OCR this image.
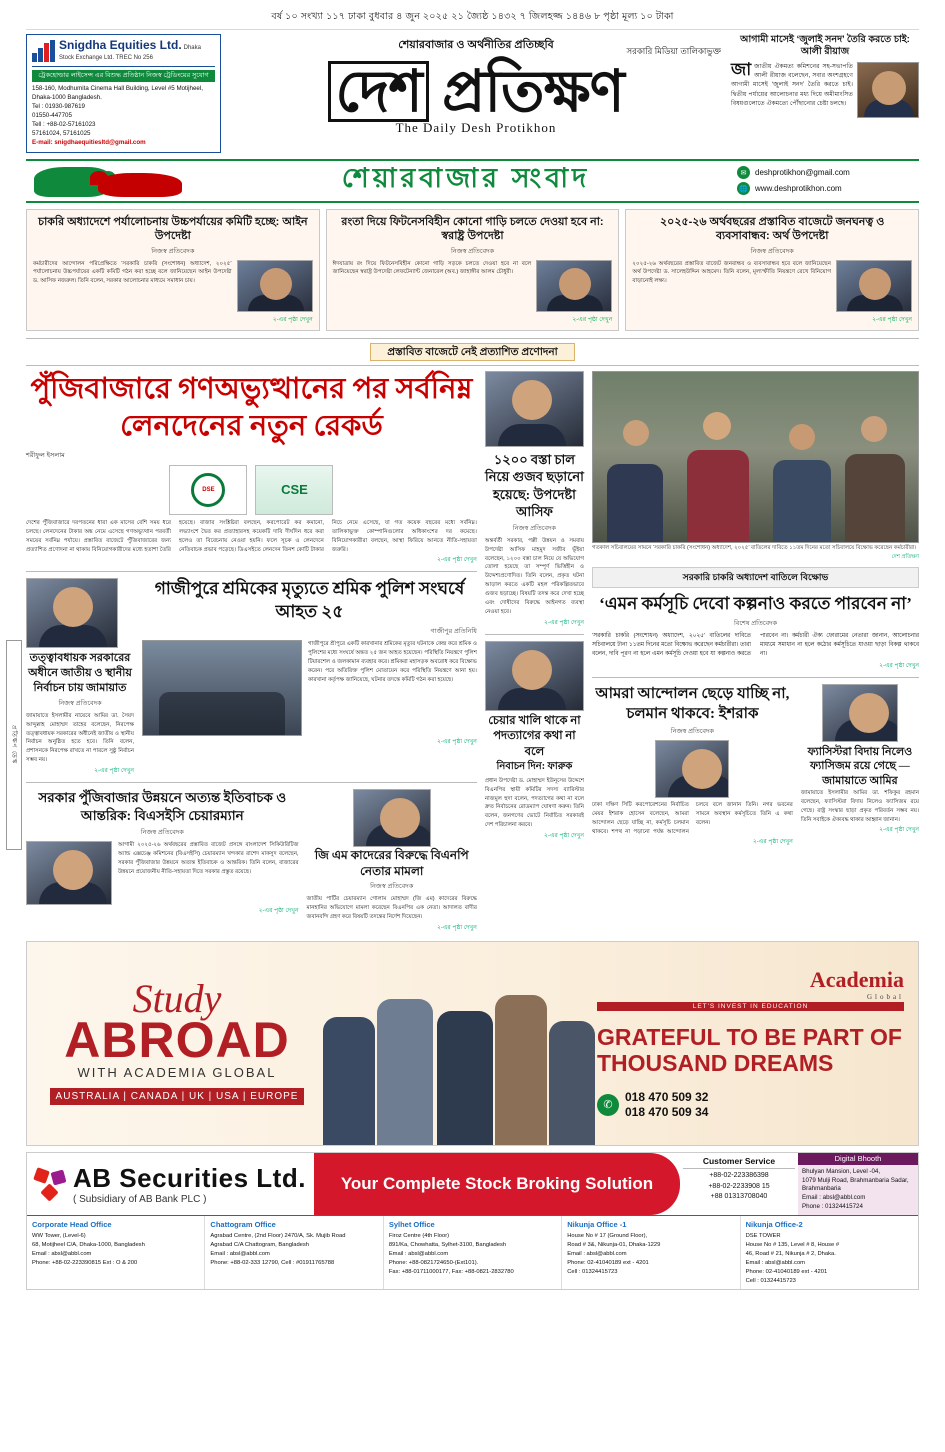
বর্ষ ১০ সংখ্যা ১১৭ ঢাকা বুধবার ৪ জুন ২০২৫ ২১ জ্যৈষ্ঠ ১৪৩২ ৭ জিলহজ্জ ১৪৪৬ ৮ পৃষ্ঠা মূল্য ১০ টাকা
Snigdha Equities Ltd. Dhaka Stock Exchange Ltd. TREC No 256
ট্রেকহোল্ডার লাইসেন্স এর বিশুদ্ধ প্রতিষ্ঠান নিজস্ব ট্রেডিংয়ের সুযোগ
158-160, Modhumita Cinema Hall Building, Level #5 Motijheel, Dhaka-1000 Bangladesh.
Tel : 01930-987619
01550-447705
Tell : +88-02-57161023
57161024, 57161025
E-mail: snigdhaequitiesltd@gmail.com
শেয়ারবাজার ও অর্থনীতির প্রতিচ্ছবি	সরকারি মিডিয়া তালিকাভুক্ত
দেশ প্রতিক্ষণ
The Daily Desh Protikhon
আগামী মাসেই ‘জুলাই সনদ’ তৈরি করতে চাই: আলী রীয়াজ
জাজাতীয় ঐকমত্য কমিশনের সহ-সভাপতি আলী রীয়াজ বলেছেন, সবার অংশগ্রহণে আগামী মাসেই ‘জুলাই সনদ’ তৈরি করতে চাই। দ্বিতীয় পর্যায়ের আলোচনার মধ্য দিয়ে অমীমাংসিত বিষয়গুলোতে ঐকমত্যে পৌঁছানোর চেষ্টা চলছে।
শেয়ারবাজার সংবাদ	✉	deshprotikhon@gmail.com
🌐 www.deshprotikhon.com
চাকরি অধ্যাদেশে পর্যালোচনায় উচ্চপর্যায়ের কমিটি হচ্ছে: আইন উপদেষ্টা
নিজস্ব প্রতিবেদক
কর্মচারীদের আন্দোলন পরিপ্রেক্ষিতে ‘সরকারি চাকরি (সংশোধন) অধ্যাদেশ, ২০২৫’ পর্যালোচনায় উচ্চপর্যায়ের একটি কমিটি গঠন করা হচ্ছে বলে জানিয়েছেন আইন উপদেষ্টা ড. আসিফ নজরুল। তিনি বলেন, সরকার আলোচনার মাধ্যমে সমাধান চায়।
২-এর পৃষ্ঠা দেখুন
রংতা দিয়ে ফিটনেসবিহীন কোনো গাড়ি চলতে দেওয়া হবে না: স্বরাষ্ট্র উপদেষ্টা
নিজস্ব প্রতিবেদক
ঈদযাত্রায় রং দিয়ে ফিটনেসবিহীন কোনো গাড়ি সড়কে চলতে দেওয়া হবে না বলে জানিয়েছেন স্বরাষ্ট্র উপদেষ্টা লেফটেন্যান্ট জেনারেল (অব.) জাহাঙ্গীর আলম চৌধুরী।
২-এর পৃষ্ঠা দেখুন
২০২৫-২৬ অর্থবছরের প্রস্তাবিত বাজেটে জনঘনত্ব ও ব্যবসাবান্ধব: অর্থ উপদেষ্টা
নিজস্ব প্রতিবেদক
২০২৫-২৬ অর্থবছরের প্রস্তাবিত বাজেট জনবান্ধব ও ব্যবসাবান্ধব হবে বলে জানিয়েছেন অর্থ উপদেষ্টা ড. সালেহউদ্দিন আহমেদ। তিনি বলেন, মূল্যস্ফীতি নিয়ন্ত্রণে রেখে বিনিয়োগ বাড়ানোই লক্ষ্য।
২-এর পৃষ্ঠা দেখুন
প্রস্তাবিত বাজেটে নেই প্রত্যাশিত প্রণোদনা
পুঁজিবাজারে গণঅভ্যুত্থানের পর সর্বনিম্ন লেনদেনের নতুন রেকর্ড
শরীফুল ইসলাম
DSE	CSE
দেশের পুঁজিবাজারে দরপতনের ধারা এক মাসের বেশি সময় ধরে চলছে। লেনদেনের টাকার অঙ্ক নেমে এসেছে গণঅভ্যুত্থান পরবর্তী সময়ের সর্বনিম্ন পর্যায়ে। প্রস্তাবিত বাজেটে পুঁজিবাজারের জন্য প্রত্যাশিত প্রণোদনা না থাকায় বিনিয়োগকারীদের মধ্যে হতাশা তৈরি হয়েছে। বাজার সংশ্লিষ্টরা বলছেন, করপোরেট কর কমানো, লভ্যাংশে দ্বৈত কর প্রত্যাহারসহ কয়েকটি দাবি দীর্ঘদিন ধরে করা হলেও তা বিবেচনায় নেওয়া হয়নি। ফলে সূচক ও লেনদেনে নেতিবাচক প্রভাব পড়েছে। ডিএসইতে লেনদেন তিনশ কোটি টাকার নিচে নেমে এসেছে, যা গত কয়েক বছরের মধ্যে সর্বনিম্ন। তালিকাভুক্ত কোম্পানিগুলোর অধিকাংশের দর কমেছে। বিনিয়োগকারীরা বলছেন, আস্থা ফিরিয়ে আনতে নীতি-সহায়তা জরুরি।
২-এর পৃষ্ঠা দেখুন
তত্ত্বাবধায়ক সরকারের অধীনে জাতীয় ও স্থানীয় নির্বাচন চায় জামায়াত
নিজস্ব প্রতিবেদক
জামায়াতে ইসলামীর নায়েবে আমির ডা. সৈয়দ আব্দুল্লাহ মোহাম্মদ তাহের বলেছেন, নিরপেক্ষ তত্ত্বাবধায়ক সরকারের অধীনেই জাতীয় ও স্থানীয় নির্বাচন অনুষ্ঠিত হতে হবে। তিনি বলেন, প্রশাসনকে নিরপেক্ষ রাখতে না পারলে সুষ্ঠু নির্বাচন সম্ভব নয়।
২-এর পৃষ্ঠা দেখুন
গাজীপুরে শ্রমিকের মৃত্যুতে শ্রমিক পুলিশ সংঘর্ষে আহত ২৫
গাজীপুর প্রতিনিধি
গাজীপুরে শ্রীপুরে একটি কারখানার শ্রমিকের মৃত্যুর ঘটনাকে কেন্দ্র করে শ্রমিক ও পুলিশের মধ্যে সংঘর্ষে অন্তত ২৫ জন আহত হয়েছেন। পরিস্থিতি নিয়ন্ত্রণে পুলিশ টিয়ারশেল ও জলকামান ব্যবহার করে। শ্রমিকরা মহাসড়ক অবরোধ করে বিক্ষোভ করেন। পরে অতিরিক্ত পুলিশ মোতায়েন করে পরিস্থিতি নিয়ন্ত্রণে আনা হয়। কারখানা কর্তৃপক্ষ জানিয়েছে, ঘটনার তদন্তে কমিটি গঠন করা হয়েছে।
২-এর পৃষ্ঠা দেখুন
সরকার পুঁজিবাজার উন্নয়নে অত্যন্ত ইতিবাচক ও আন্তরিক: বিএসইসি চেয়ারম্যান
নিজস্ব প্রতিবেদক
আগামী ২০২৫-২৬ অর্থবছরের প্রস্তাবিত বাজেট প্রসঙ্গে বাংলাদেশ সিকিউরিটিজ অ্যান্ড এক্সচেঞ্জ কমিশনের (বিএসইসি) চেয়ারম্যান খন্দকার রাশেদ মাকসুদ বলেছেন, সরকার পুঁজিবাজার উন্নয়নে অত্যন্ত ইতিবাচক ও আন্তরিক। তিনি বলেন, বাজারের উন্নয়নে প্রয়োজনীয় নীতি-সহায়তা দিতে সরকার প্রস্তুত রয়েছে।
২-এর পৃষ্ঠা দেখুন
জি এম কাদেরের বিরুদ্ধে বিএনপি নেতার মামলা
নিজস্ব প্রতিবেদক
জাতীয় পার্টির চেয়ারম্যান গোলাম মোহাম্মদ (জি এম) কাদেরের বিরুদ্ধে মানহানির অভিযোগে মামলা করেছেন বিএনপির এক নেতা। আদালত বাদীর জবানবন্দি গ্রহণ করে বিষয়টি তদন্তের নির্দেশ দিয়েছেন।
২-এর পৃষ্ঠা দেখুন
১২০০ বস্তা চাল নিয়ে গুজব ছড়ানো হয়েছে: উপদেষ্টা আসিফ
নিজস্ব প্রতিবেদক
অন্তর্বর্তী সরকার, পল্লী উন্নয়ন ও সমবায় উপদেষ্টা আসিফ মাহমুদ সজীব ভূঁইয়া বলেছেন, ১২০০ বস্তা চাল নিয়ে যে অভিযোগ তোলা হয়েছে তা সম্পূর্ণ ভিত্তিহীন ও উদ্দেশ্যপ্রণোদিত। তিনি বলেন, প্রকৃত ঘটনা আড়াল করতে একটি মহল পরিকল্পিতভাবে গুজব ছড়াচ্ছে। বিষয়টি তদন্ত করে দেখা হচ্ছে এবং দোষীদের বিরুদ্ধে আইনগত ব্যবস্থা নেওয়া হবে।
২-এর পৃষ্ঠা দেখুন
চেয়ার খালি থাকে না পদত্যাগের কথা না বলে
নিবাচন দিন: ফারুক
প্রধান উপদেষ্টা ড. মোহাম্মদ ইউনূসের উদ্দেশে বিএনপির স্থায়ী কমিটির সদস্য ব্যারিস্টার নাজমুল হুদা বলেন, পদত্যাগের কথা না বলে দ্রুত নির্বাচনের রোডম্যাপ ঘোষণা করুন। তিনি বলেন, জনগণের ভোটে নির্বাচিত সরকারই দেশ পরিচালনা করবে।
২-এর পৃষ্ঠা দেখুন
গতকাল সচিবালয়ের সামনে ‘সরকারি চাকরি (সংশোধন) অধ্যাদেশ, ২০২৫’ বাতিলের দাবিতে ১১তম দিনের মতো সচিবালয়ে বিক্ষোভ করেছেন কর্মচারীরা।
দেশ প্রতিক্ষণ
সরকারি চাকরি অধ্যাদেশ বাতিলে বিক্ষোভ
‘এমন কর্মসূচি দেবো কল্পনাও করতে পারবেন না’
বিশেষ প্রতিবেদক
‘সরকারি চাকরি (সংশোধন) অধ্যাদেশ, ২০২৫’ বাতিলের দাবিতে সচিবালয়ে টানা ১১তম দিনের মতো বিক্ষোভ করেছেন কর্মচারীরা। তারা বলেন, দাবি পূরণ না হলে এমন কর্মসূচি দেওয়া হবে যা কল্পনাও করতে পারবেন না। কর্মচারী ঐক্য ফোরামের নেতারা জানান, আলোচনার মাধ্যমে সমাধান না হলে কঠোর কর্মসূচিতে যাওয়া ছাড়া বিকল্প থাকবে না।
২-এর পৃষ্ঠা দেখুন
আমরা আন্দোলন ছেড়ে যাচ্ছি না, চলমান থাকবে: ইশরাক
নিজস্ব প্রতিবেদক
ঢাকা দক্ষিণ সিটি করপোরেশনের নির্বাচিত মেয়র ইশরাক হোসেন বলেছেন, আমরা আন্দোলন ছেড়ে যাচ্ছি না, কর্মসূচি চলমান থাকবে। শপথ না পড়ানো পর্যন্ত আন্দোলন চলবে বলে জানান তিনি। নগর ভবনের সামনে অবস্থান কর্মসূচিতে তিনি এ কথা বলেন।
২-এর পৃষ্ঠা দেখুন
ফ্যাসিস্টরা বিদায় নিলেও ফ্যাসিজম রয়ে গেছে — জামায়াতে আমির
জামায়াতে ইসলামীর আমির ডা. শফিকুর রহমান বলেছেন, ফ্যাসিস্টরা বিদায় নিলেও ফ্যাসিজম রয়ে গেছে। রাষ্ট্র সংস্কার ছাড়া প্রকৃত পরিবর্তন সম্ভব নয়। তিনি সবাইকে ঐক্যবদ্ধ থাকার আহ্বান জানান।
২-এর পৃষ্ঠা দেখুন
প্রতিক্ষণ ডেস্ক
Study
ABROAD
WITH ACADEMIA GLOBAL
AUSTRALIA | CANADA | UK | USA | EUROPE
Academia
Global
LET'S INVEST IN EDUCATION
GRATEFUL TO BE PART OF THOUSAND DREAMS
✆
018 470 509 32
018 470 509 34
AB Securities Ltd.
( Subsidiary of AB Bank PLC )
Your Complete Stock Broking Solution
Customer Service
+88-02-223386398
+88-02-2233908 15
+88 01313708040
Digital Bhooth
Bhulyan Mansion, Level -04,
1079 Mulji Road, Brahmanbaria Sadar,
Brahmanbaria
Email : absl@abbl.com
Phone : 01324415724
Corporate Head Office
WW Tower, (Level-6)
68, Motijheel C/A, Dhaka-1000, Bangladesh
Email : absl@abbl.com
Phone: +88-02-223390815 Ext : O & 200
Chattogram Office
Agrabad Centre, (2nd Floor) 2470/A, Sk. Mujib Road
Agrabad C/A Chattogram, Bangladesh
Email : absl@abbl.com
Phone: +88-02-333 12790, Cell : #01911765788
Sylhet Office
Firoz Centre (4th Floor)
891/Ka, Chowhatta, Sylhet-3100, Bangladesh
Email : absl@abbl.com
Phone: +88-0821724650-(Ext101).
Fax: +88-01711000177, Fax: +88-0821-2832780
Nikunja Office -1
House No # 17 (Ground Floor),
Road # 3&, Nikunja-01, Dhaka-1229
Email : absl@abbl.com
Phone: 02-41040189 ext - 4201
Cell : 01324415723
Nikunja Office-2
DSE TOWER
House No # 135, Level # 8, House #
46, Road # 21, Nikunja # 2, Dhaka.
Email : absl@abbl.com
Phone: 02-41040189 ext - 4201
Cell : 01324415723
